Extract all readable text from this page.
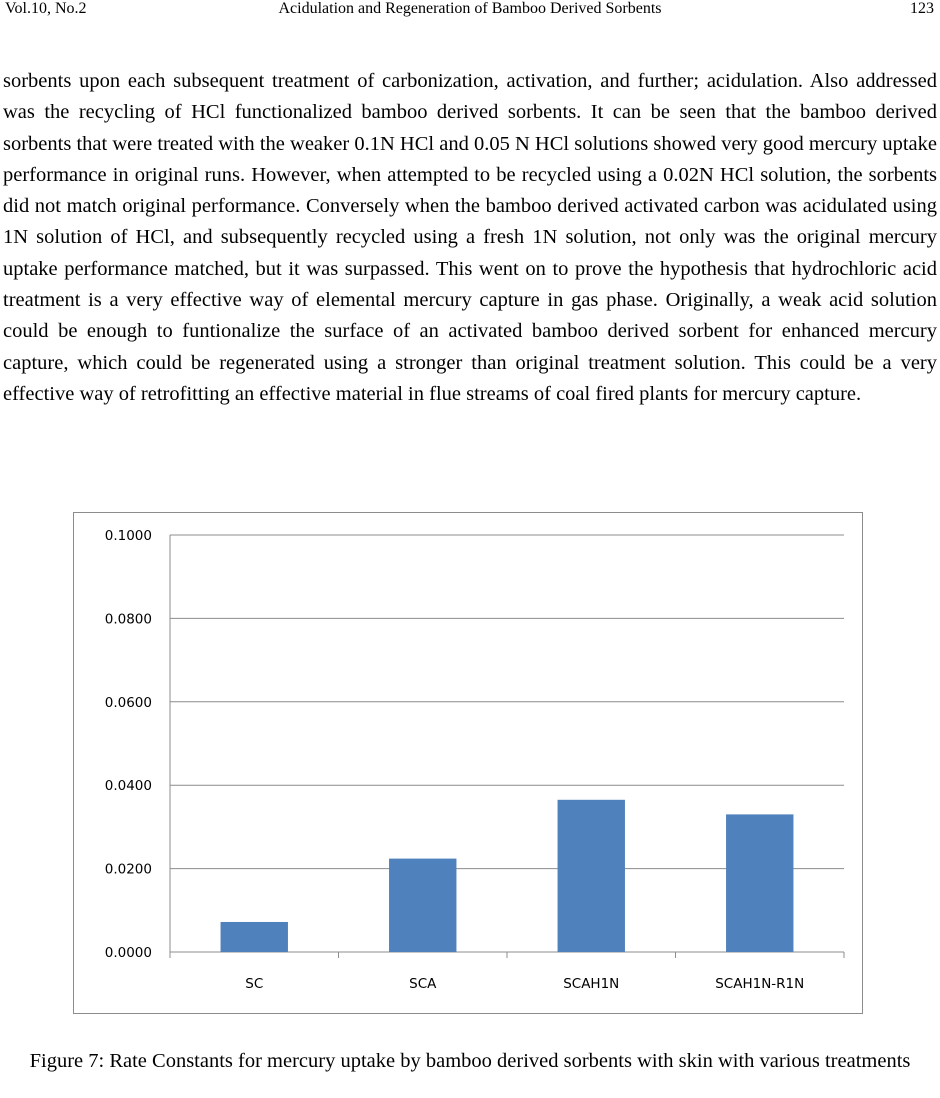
Vol.10, No.2	Acidulation and Regeneration of Bamboo Derived Sorbents	123

sorbents upon each subsequent treatment of carbonization, activation, and further; acidulation. Also addressed was the recycling of HCl functionalized bamboo derived sorbents. It can be seen that the bamboo derived sorbents that were treated with the weaker 0.1N HCl and 0.05 N HCl solutions showed very good mercury uptake performance in original runs. However, when attempted to be recycled using a 0.02N HCl solution, the sorbents did not match original performance. Conversely when the bamboo derived activated carbon was acidulated using 1N solution of HCl, and subsequently recycled using a fresh 1N solution, not only was the original mercury uptake performance matched, but it was surpassed. This went on to prove the hypothesis that hydrochloric acid treatment is a very effective way of elemental mercury capture in gas phase. Originally, a weak acid solution could be enough to funtionalize the surface of an activated bamboo derived sorbent for enhanced mercury capture, which could be regenerated using a stronger than original treatment solution. This could be a very effective way of retrofitting an effective material in flue streams of coal fired plants for mercury capture.

0.0000
0.0200
0.0400
0.0600
0.0800
0.1000
SC	SCA	SCAH1N	SCAH1N-R1N

Figure 7: Rate Constants for mercury uptake by bamboo derived sorbents with skin with various treatments
